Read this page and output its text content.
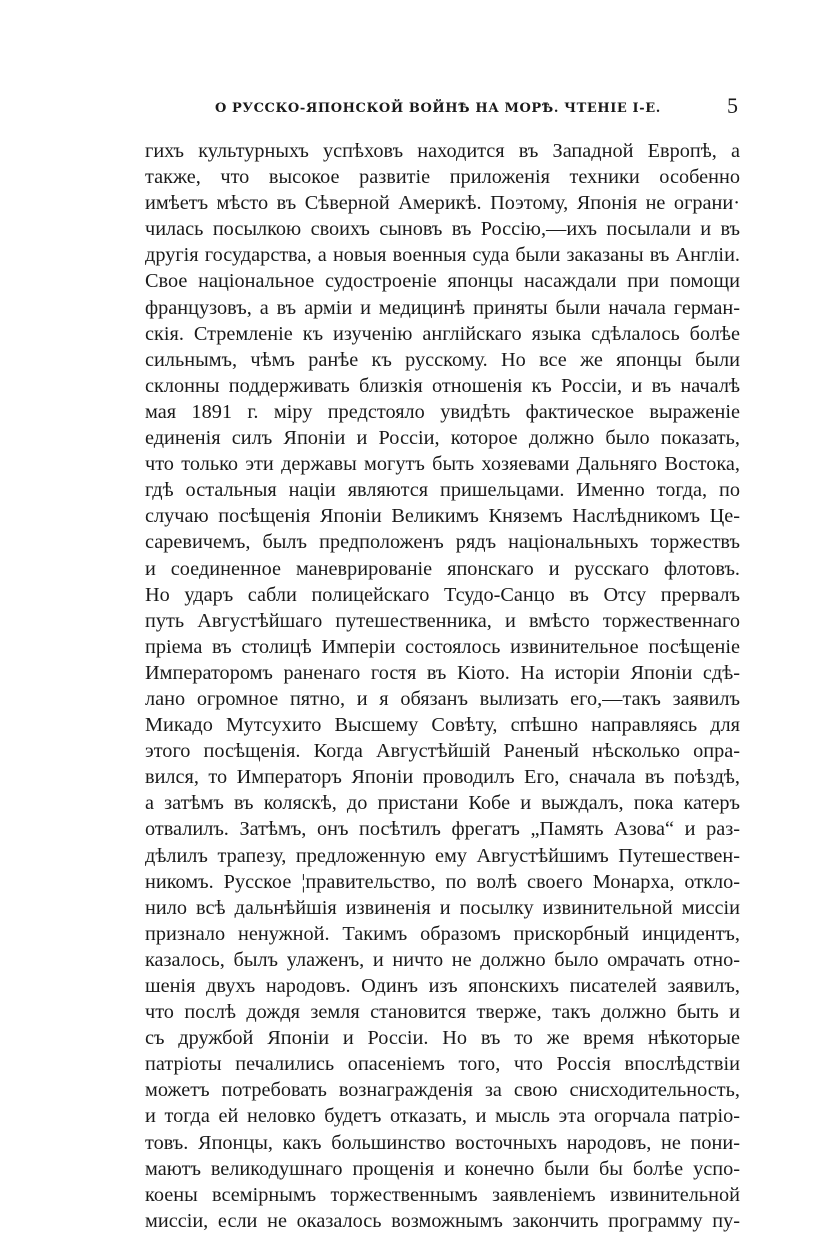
О РУССКО-ЯПОНСКОЙ ВОЙНѢ НА МОРѢ. ЧТЕНІЕ І-Е.	5
гихъ культурныхъ успѣховъ находится въ Западной Европѣ, а
также, что высокое развитіе приложенія техники особенно
имѣетъ мѣсто въ Сѣверной Америкѣ. Поэтому, Японія не ограни·
чилась посылкою своихъ сыновъ въ Россію,—ихъ посылали и въ
другія государства, а новыя военныя суда были заказаны въ Англіи.
Свое національное судостроеніе японцы насаждали при помощи
французовъ, а въ арміи и медицинѣ приняты были начала герман-
скія. Стремленіе къ изученію англійскаго языка сдѣлалось болѣе
сильнымъ, чѣмъ ранѣе къ русскому. Но все же японцы были
склонны поддерживать близкія отношенія къ Россіи, и въ началѣ
мая 1891 г. міру предстояло увидѣть фактическое выраженіе
единенія силъ Японіи и Россіи, которое должно было показать,
что только эти державы могутъ быть хозяевами Дальняго Востока,
гдѣ остальныя націи являются пришельцами. Именно тогда, по
случаю посѣщенія Японіи Великимъ Княземъ Наслѣдникомъ Це-
саревичемъ, былъ предположенъ рядъ національныхъ торжествъ
и соединенное маневрированіе японскаго и русскаго флотовъ.
Но ударъ сабли полицейскаго Тсудо-Санцо въ Отсу прервалъ
путь Августѣйшаго путешественника, и вмѣсто торжественнаго
пріема въ столицѣ Имперіи состоялось извинительное посѣщеніе
Императоромъ раненаго гостя въ Кіото. На исторіи Японіи сдѣ-
лано огромное пятно, и я обязанъ вылизать его,—такъ заявилъ
Микадо Мутсухито Высшему Совѣту, спѣшно направляясь для
этого посѣщенія. Когда Августѣйшій Раненый нѣсколько опра-
вился, то Императоръ Японіи проводилъ Его, сначала въ поѣздѣ,
а затѣмъ въ коляскѣ, до пристани Кобе и выждалъ, пока катеръ
отвалилъ. Затѣмъ, онъ посѣтилъ фрегатъ „Память Азова“ и раз-
дѣлилъ трапезу, предложенную ему Августѣйшимъ Путешествен-
никомъ. Русское ¦правительство, по волѣ своего Монарха, откло-
нило всѣ дальнѣйшія извиненія и посылку извинительной миссіи
признало ненужной. Такимъ образомъ прискорбный инцидентъ,
казалось, былъ улаженъ, и ничто не должно было омрачать отно-
шенія двухъ народовъ. Одинъ изъ японскихъ писателей заявилъ,
что послѣ дождя земля становится тверже, такъ должно быть и
съ дружбой Японіи и Россіи. Но въ то же время нѣкоторые
патріоты печалились опасеніемъ того, что Россія впослѣдствіи
можетъ потребовать вознагражденія за свою снисходительность,
и тогда ей неловко будетъ отказать, и мысль эта огорчала патріо-
товъ. Японцы, какъ большинство восточныхъ народовъ, не пони-
маютъ великодушнаго прощенія и конечно были бы болѣе успо-
коены всемірнымъ торжественнымъ заявленіемъ извинительной
миссіи, если не оказалось возможнымъ закончить программу пу-
